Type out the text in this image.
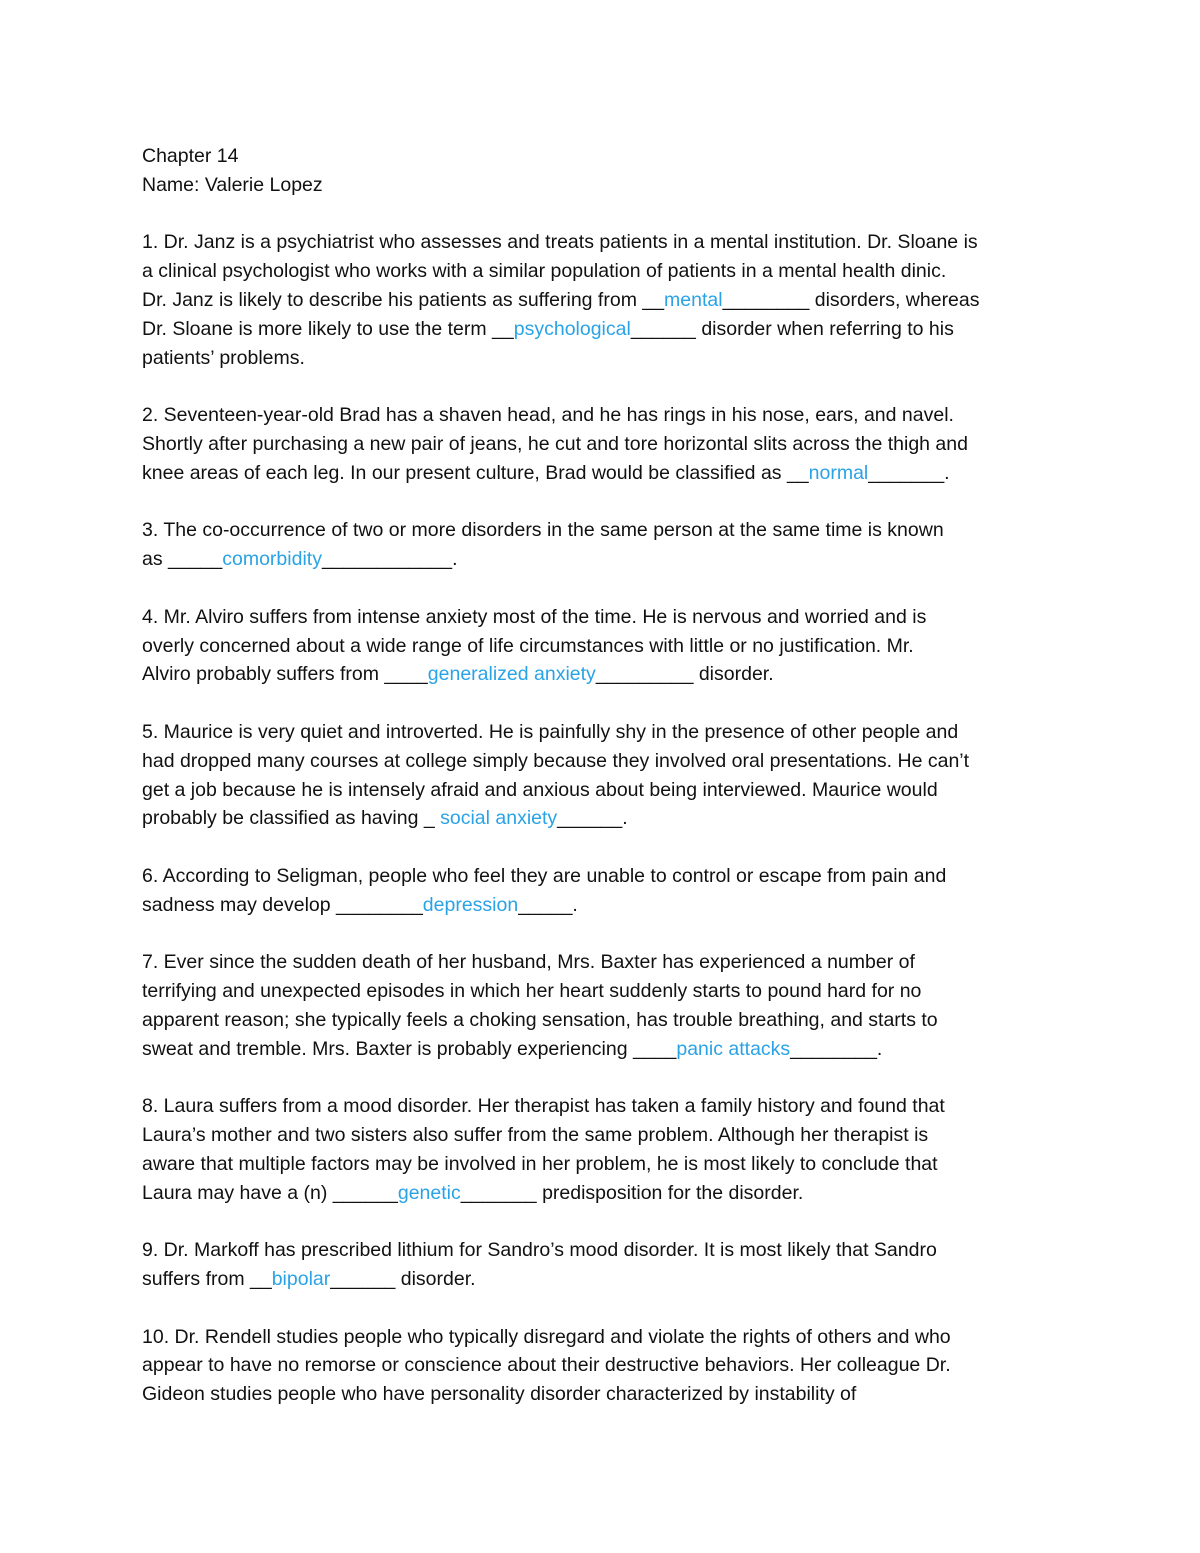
Chapter 14
Name: Valerie Lopez
1. Dr. Janz is a psychiatrist who assesses and treats patients in a mental institution. Dr. Sloane is
a clinical psychologist who works with a similar population of patients in a mental health dinic.
Dr. Janz is likely to describe his patients as suffering from __mental________ disorders, whereas
Dr. Sloane is more likely to use the term __psychological______ disorder when referring to his
patients’ problems.
2. Seventeen-year-old Brad has a shaven head, and he has rings in his nose, ears, and navel.
Shortly after purchasing a new pair of jeans, he cut and tore horizontal slits across the thigh and
knee areas of each leg. In our present culture, Brad would be classified as __normal_______.
3. The co-occurrence of two or more disorders in the same person at the same time is known
as _____comorbidity____________.
4. Mr. Alviro suffers from intense anxiety most of the time. He is nervous and worried and is
overly concerned about a wide range of life circumstances with little or no justification. Mr.
Alviro probably suffers from ____generalized anxiety_________ disorder.
5. Maurice is very quiet and introverted. He is painfully shy in the presence of other people and
had dropped many courses at college simply because they involved oral presentations. He can’t
get a job because he is intensely afraid and anxious about being interviewed. Maurice would
probably be classified as having _ social anxiety______.
6. According to Seligman, people who feel they are unable to control or escape from pain and
sadness may develop ________depression_____.
7. Ever since the sudden death of her husband, Mrs. Baxter has experienced a number of
terrifying and unexpected episodes in which her heart suddenly starts to pound hard for no
apparent reason; she typically feels a choking sensation, has trouble breathing, and starts to
sweat and tremble. Mrs. Baxter is probably experiencing ____panic attacks________.
8. Laura suffers from a mood disorder. Her therapist has taken a family history and found that
Laura’s mother and two sisters also suffer from the same problem. Although her therapist is
aware that multiple factors may be involved in her problem, he is most likely to conclude that
Laura may have a (n) ______genetic_______ predisposition for the disorder.
9. Dr. Markoff has prescribed lithium for Sandro’s mood disorder. It is most likely that Sandro
suffers from __bipolar______ disorder.
10. Dr. Rendell studies people who typically disregard and violate the rights of others and who
appear to have no remorse or conscience about their destructive behaviors. Her colleague Dr.
Gideon studies people who have personality disorder characterized by instability of
